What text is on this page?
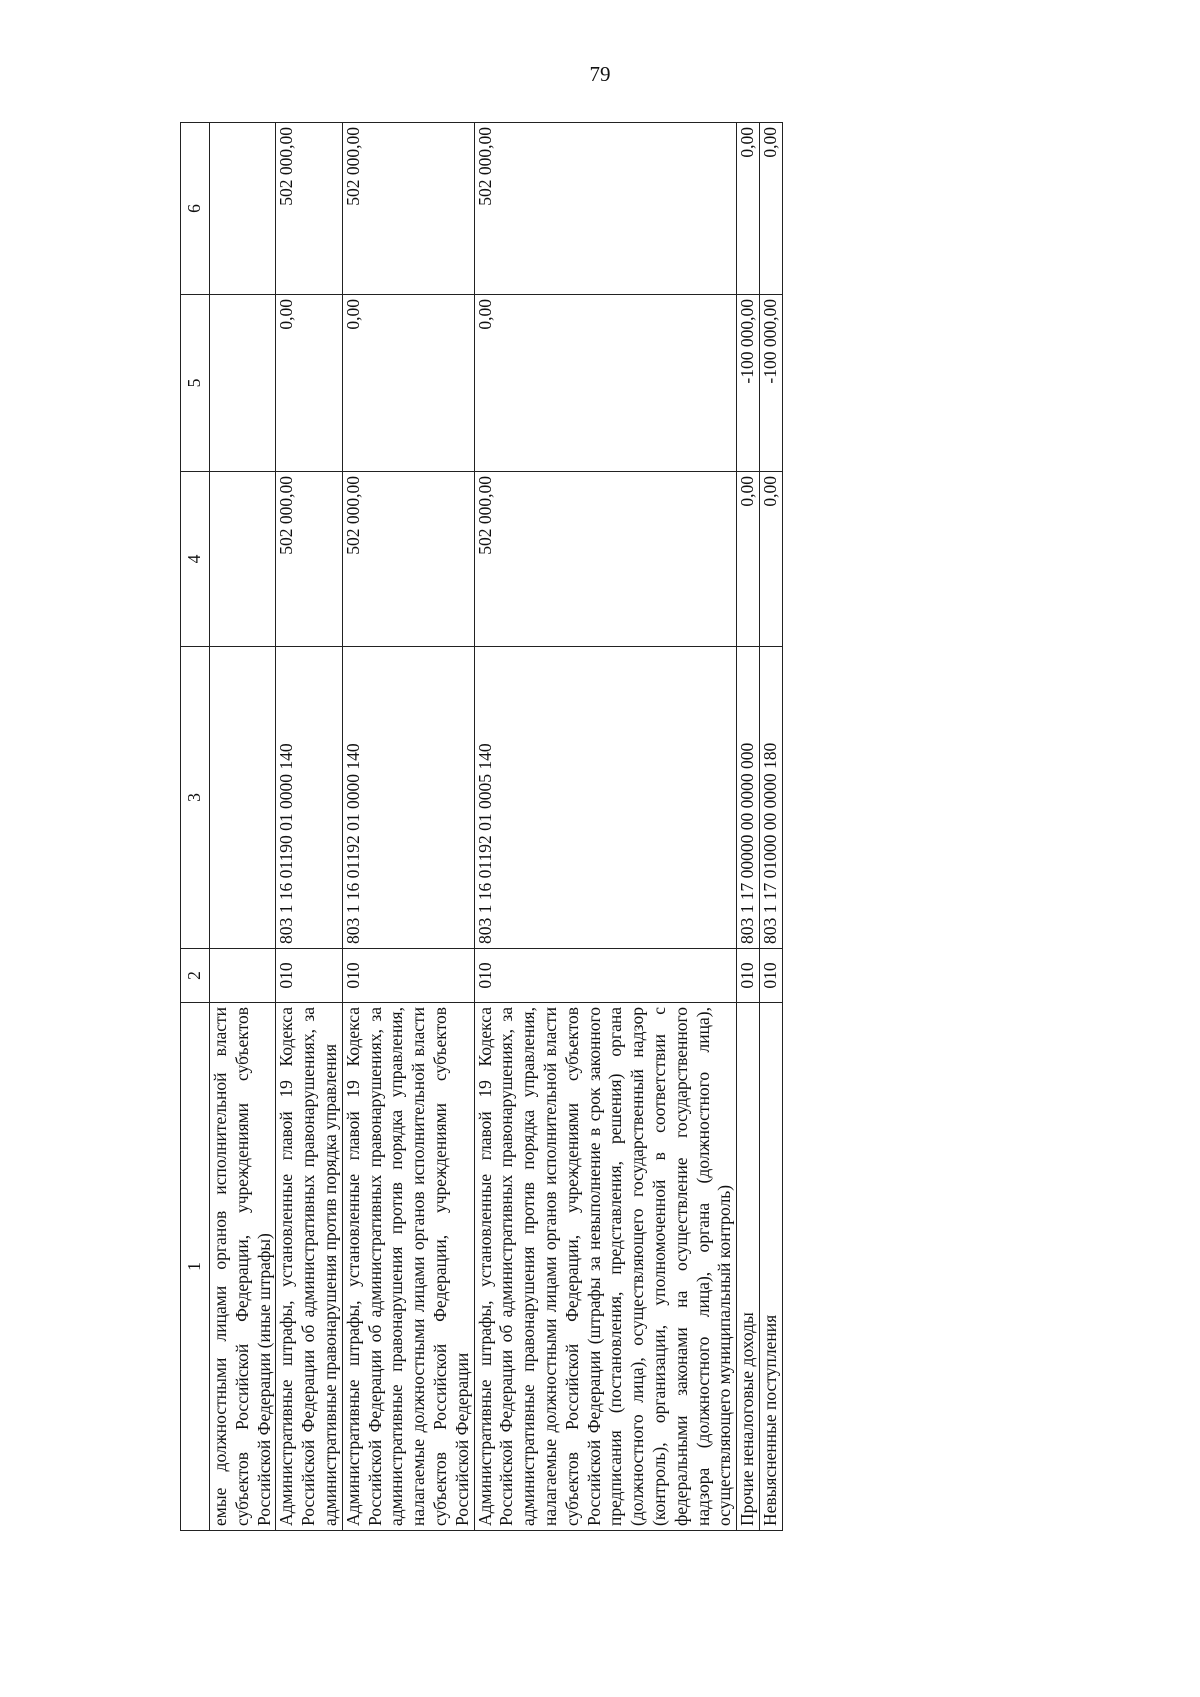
79
1	2	3	4	5	6
емые должностными лицами органов исполнительной власти субъектов Российской Федерации, учреждениями субъектов Российской Федерации (иные штрафы)					
Административные штрафы, установленные главой 19 Кодекса Российской Федерации об административных правонарушениях, за административные правонарушения против порядка управления	010	803 1 16 01190 01 0000 140	502 000,00	0,00	502 000,00
Административные штрафы, установленные главой 19 Кодекса Российской Федерации об административных правонарушениях, за административные правонарушения против порядка управления, налагаемые должностными лицами органов исполнительной власти субъектов Российской Федерации, учреждениями субъектов Российской Федерации	010	803 1 16 01192 01 0000 140	502 000,00	0,00	502 000,00
Административные штрафы, установленные главой 19 Кодекса Российской Федерации об административных правонарушениях, за административные правонарушения против порядка управления, налагаемые должностными лицами органов исполнительной власти субъектов Российской Федерации, учреждениями субъектов Российской Федерации (штрафы за невыполнение в срок законного предписания (постановления, представления, решения) органа (должностного лица), осуществляющего государственный надзор (контроль), организации, уполномоченной в соответствии с федеральными законами на осуществление государственного надзора (должностного лица), органа (должностного лица), осуществляющего муниципальный контроль)	010	803 1 16 01192 01 0005 140	502 000,00	0,00	502 000,00
Прочие неналоговые доходы	010	803 1 17 00000 00 0000 000	0,00	-100 000,00	0,00
Невыясненные поступления	010	803 1 17 01000 00 0000 180	0,00	-100 000,00	0,00
